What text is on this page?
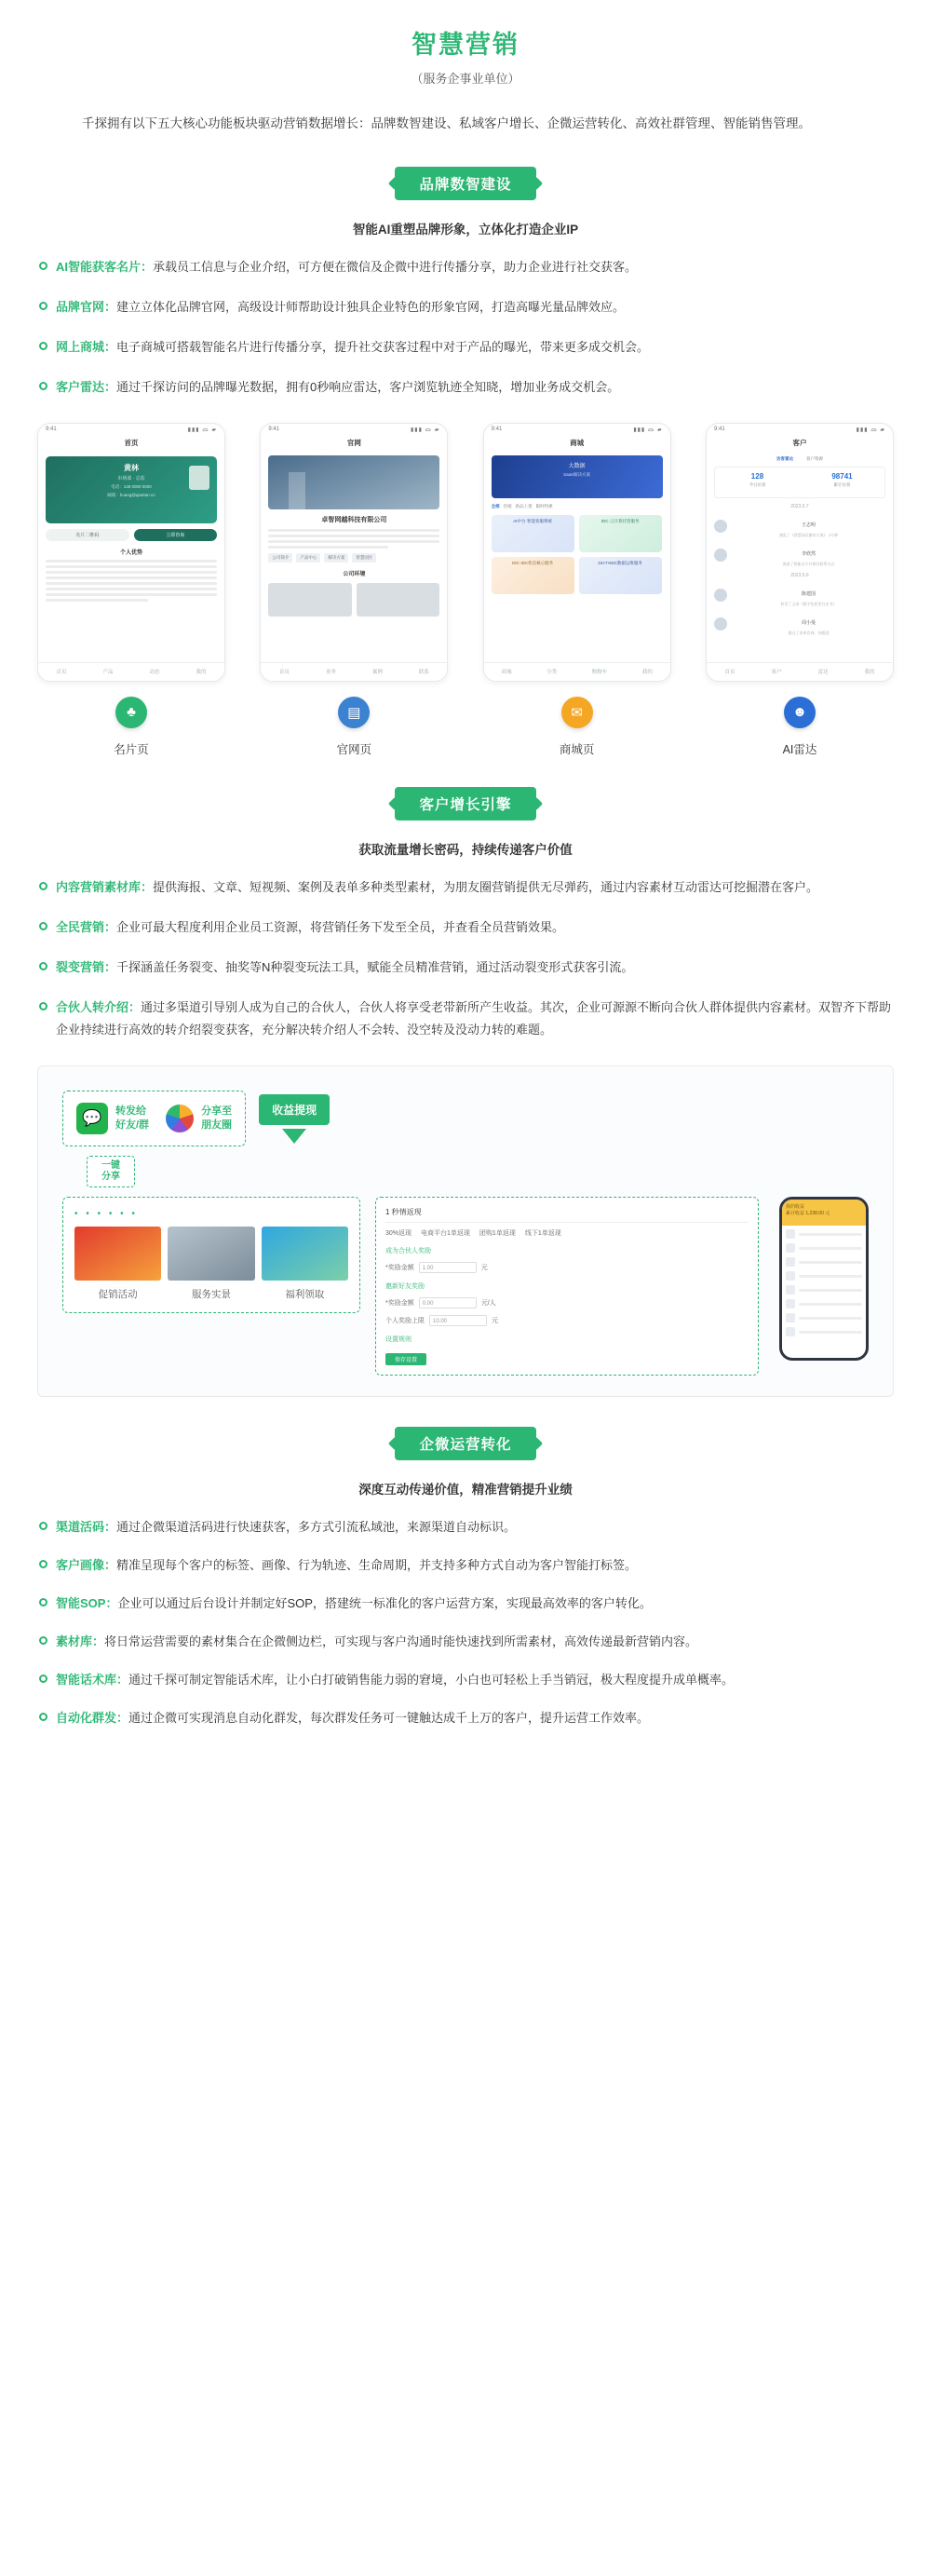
智慧营销
（服务企事业单位）
千探拥有以下五大核心功能板块驱动营销数据增长：品牌数智建设、私域客户增长、企微运营转化、高效社群管理、智能销售管理。
品牌数智建设
智能AI重塑品牌形象，立体化打造企业IP
AI智能获客名片：承载员工信息与企业介绍，可方便在微信及企微中进行传播分享，助力企业进行社交获客。
品牌官网：建立立体化品牌官网，高级设计师帮助设计独具企业特色的形象官网，打造高曝光量品牌效应。
网上商城：电子商城可搭载智能名片进行传播分享，提升社交获客过程中对于产品的曝光，带来更多成交机会。
客户雷达：通过千探访问的品牌曝光数据，拥有0秒响应雷达，客户浏览轨迹全知晓，增加业务成交机会。
9:41	▮▮▮ ᯅ ▰
首页
黄林
市场部 · 总监
电话：138 0000 0000
邮箱：huang@qiantan.cn
名片二维码	立即咨询
个人优势
首页	产品	动态	我的
♣
名片页
9:41	▮▮▮ ᯅ ▰
官网
卓智网越科技有限公司
公司简介	产品中心	解决方案	智慧园区
公司环境
首页	业务	案例	联系
▤
官网页
9:41	▮▮▮ ᯅ ▰
商城
大数据
SaaS解决方案
全部 热销 新品上架 限时特惠
AI中台·智能客服系统	IDC·云计算托管服务
IDC·IDC机房核心服务	24×7×IDC数据运维服务
商城	分类	购物车	我的
✉
商城页
9:41	▮▮▮ ᯅ ▰
客户
访客雷达	客户资源
128
今日访客
98741
累计访客
2023.5.7
王志明
浏览了《智慧园区解决方案》 2分钟
李欣然
查看了智能名片并保存联系方式
2023.5.6
陈建国
转发了文章《数字化转型白皮书》
周小曼
提交了表单咨询，待跟进
首页	客户	雷达	我的
☻
AI雷达
客户增长引擎
获取流量增长密码，持续传递客户价值
内容营销素材库：提供海报、文章、短视频、案例及表单多种类型素材，为朋友圈营销提供无尽弹药，通过内容素材互动雷达可挖掘潜在客户。
全民营销：企业可最大程度利用企业员工资源，将营销任务下发至全员，并查看全员营销效果。
裂变营销：千探涵盖任务裂变、抽奖等N种裂变玩法工具，赋能全员精准营销，通过活动裂变形式获客引流。
合伙人转介绍：通过多渠道引导别人成为自己的合伙人，合伙人将享受老带新所产生收益。其次，企业可源源不断向合伙人群体提供内容素材。双智齐下帮助企业持续进行高效的转介绍裂变获客，充分解决转介绍人不会转、没空转及没动力转的难题。
💬	转发给
好友/群
分享至
朋友圈
收益提现
一键
分享
• • • • • •
促销活动	服务实景	福利领取
1 秒情返现
30%返现 电商平台1单返现 团购1单返现 线下1单返现
成为合伙人奖励
*奖励金额	1.00	元
邀新好友奖励
*奖励金额	0.00	元/人
个人奖励上限	10.00	元
设置规则
保存设置
我的收益
累计收益 1,238.00 元
企微运营转化
深度互动传递价值，精准营销提升业绩
渠道活码：通过企微渠道活码进行快速获客，多方式引流私域池，来源渠道自动标识。
客户画像：精准呈现每个客户的标签、画像、行为轨迹、生命周期，并支持多种方式自动为客户智能打标签。
智能SOP：企业可以通过后台设计并制定好SOP，搭建统一标准化的客户运营方案，实现最高效率的客户转化。
素材库：将日常运营需要的素材集合在企微侧边栏，可实现与客户沟通时能快速找到所需素材，高效传递最新营销内容。
智能话术库：通过千探可制定智能话术库，让小白打破销售能力弱的窘境，小白也可轻松上手当销冠，极大程度提升成单概率。
自动化群发：通过企微可实现消息自动化群发，每次群发任务可一键触达成千上万的客户，提升运营工作效率。
